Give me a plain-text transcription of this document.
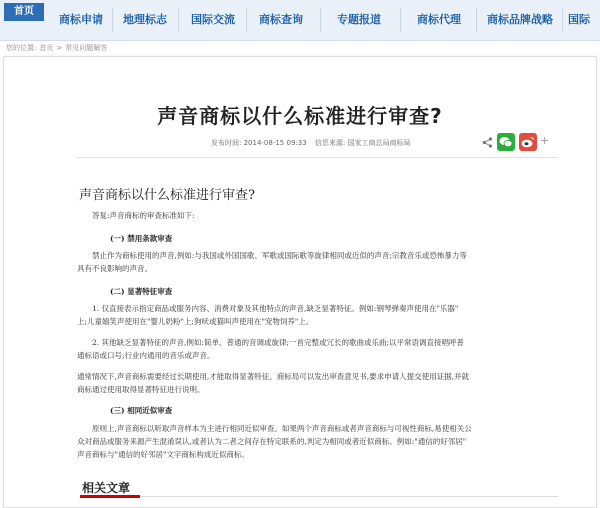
首页
商标申请	地理标志	国际交流	商标查询	专题报道	商标代理	商标品牌战略	国际
您的位置: 首页 > 常见问题解答
声音商标以什么标准进行审查?
发布时间: 2014-08-15 09:33 信息来源: 国家工商总局商标局	+
声音商标以什么标准进行审查?
答复:声音商标的审查标准如下:
(一) 禁用条款审查
禁止作为商标使用的声音,例如:与我国或外国国歌、军歌或国际歌等旋律相同或近似的声音;宗教音乐或恐怖暴力等
具有不良影响的声音。
(二) 显著特征审查
1. 仅直接表示指定商品或服务内容、消费对象及其他特点的声音,缺乏显著特征。例如:钢琴弹奏声使用在"乐器"
上;儿童嬉笑声使用在"婴儿奶粉"上;狗吠或猫叫声使用在"宠物饲养"上。
2. 其他缺乏显著特征的声音,例如:简单、普通的音调或旋律;一首完整或冗长的歌曲或乐曲;以平常语调直接唱呼普
通标语或口号;行业内通用的音乐或声音。
通常情况下,声音商标需要经过长期使用,才能取得显著特征。商标局可以发出审查意见书,要求申请人提交使用证据,并就
商标通过使用取得显著特征进行说明。
(三) 相同近似审查
原则上,声音商标以听取声音样本为主进行相同近似审查。如果两个声音商标或者声音商标与可视性商标,易使相关公
众对商品或服务来源产生混淆误认,或者认为二者之间存在特定联系的,判定为相同或者近似商标。例如:"通信的好邻居"
声音商标与"通信的好邻居"文字商标构成近似商标。
相关文章
